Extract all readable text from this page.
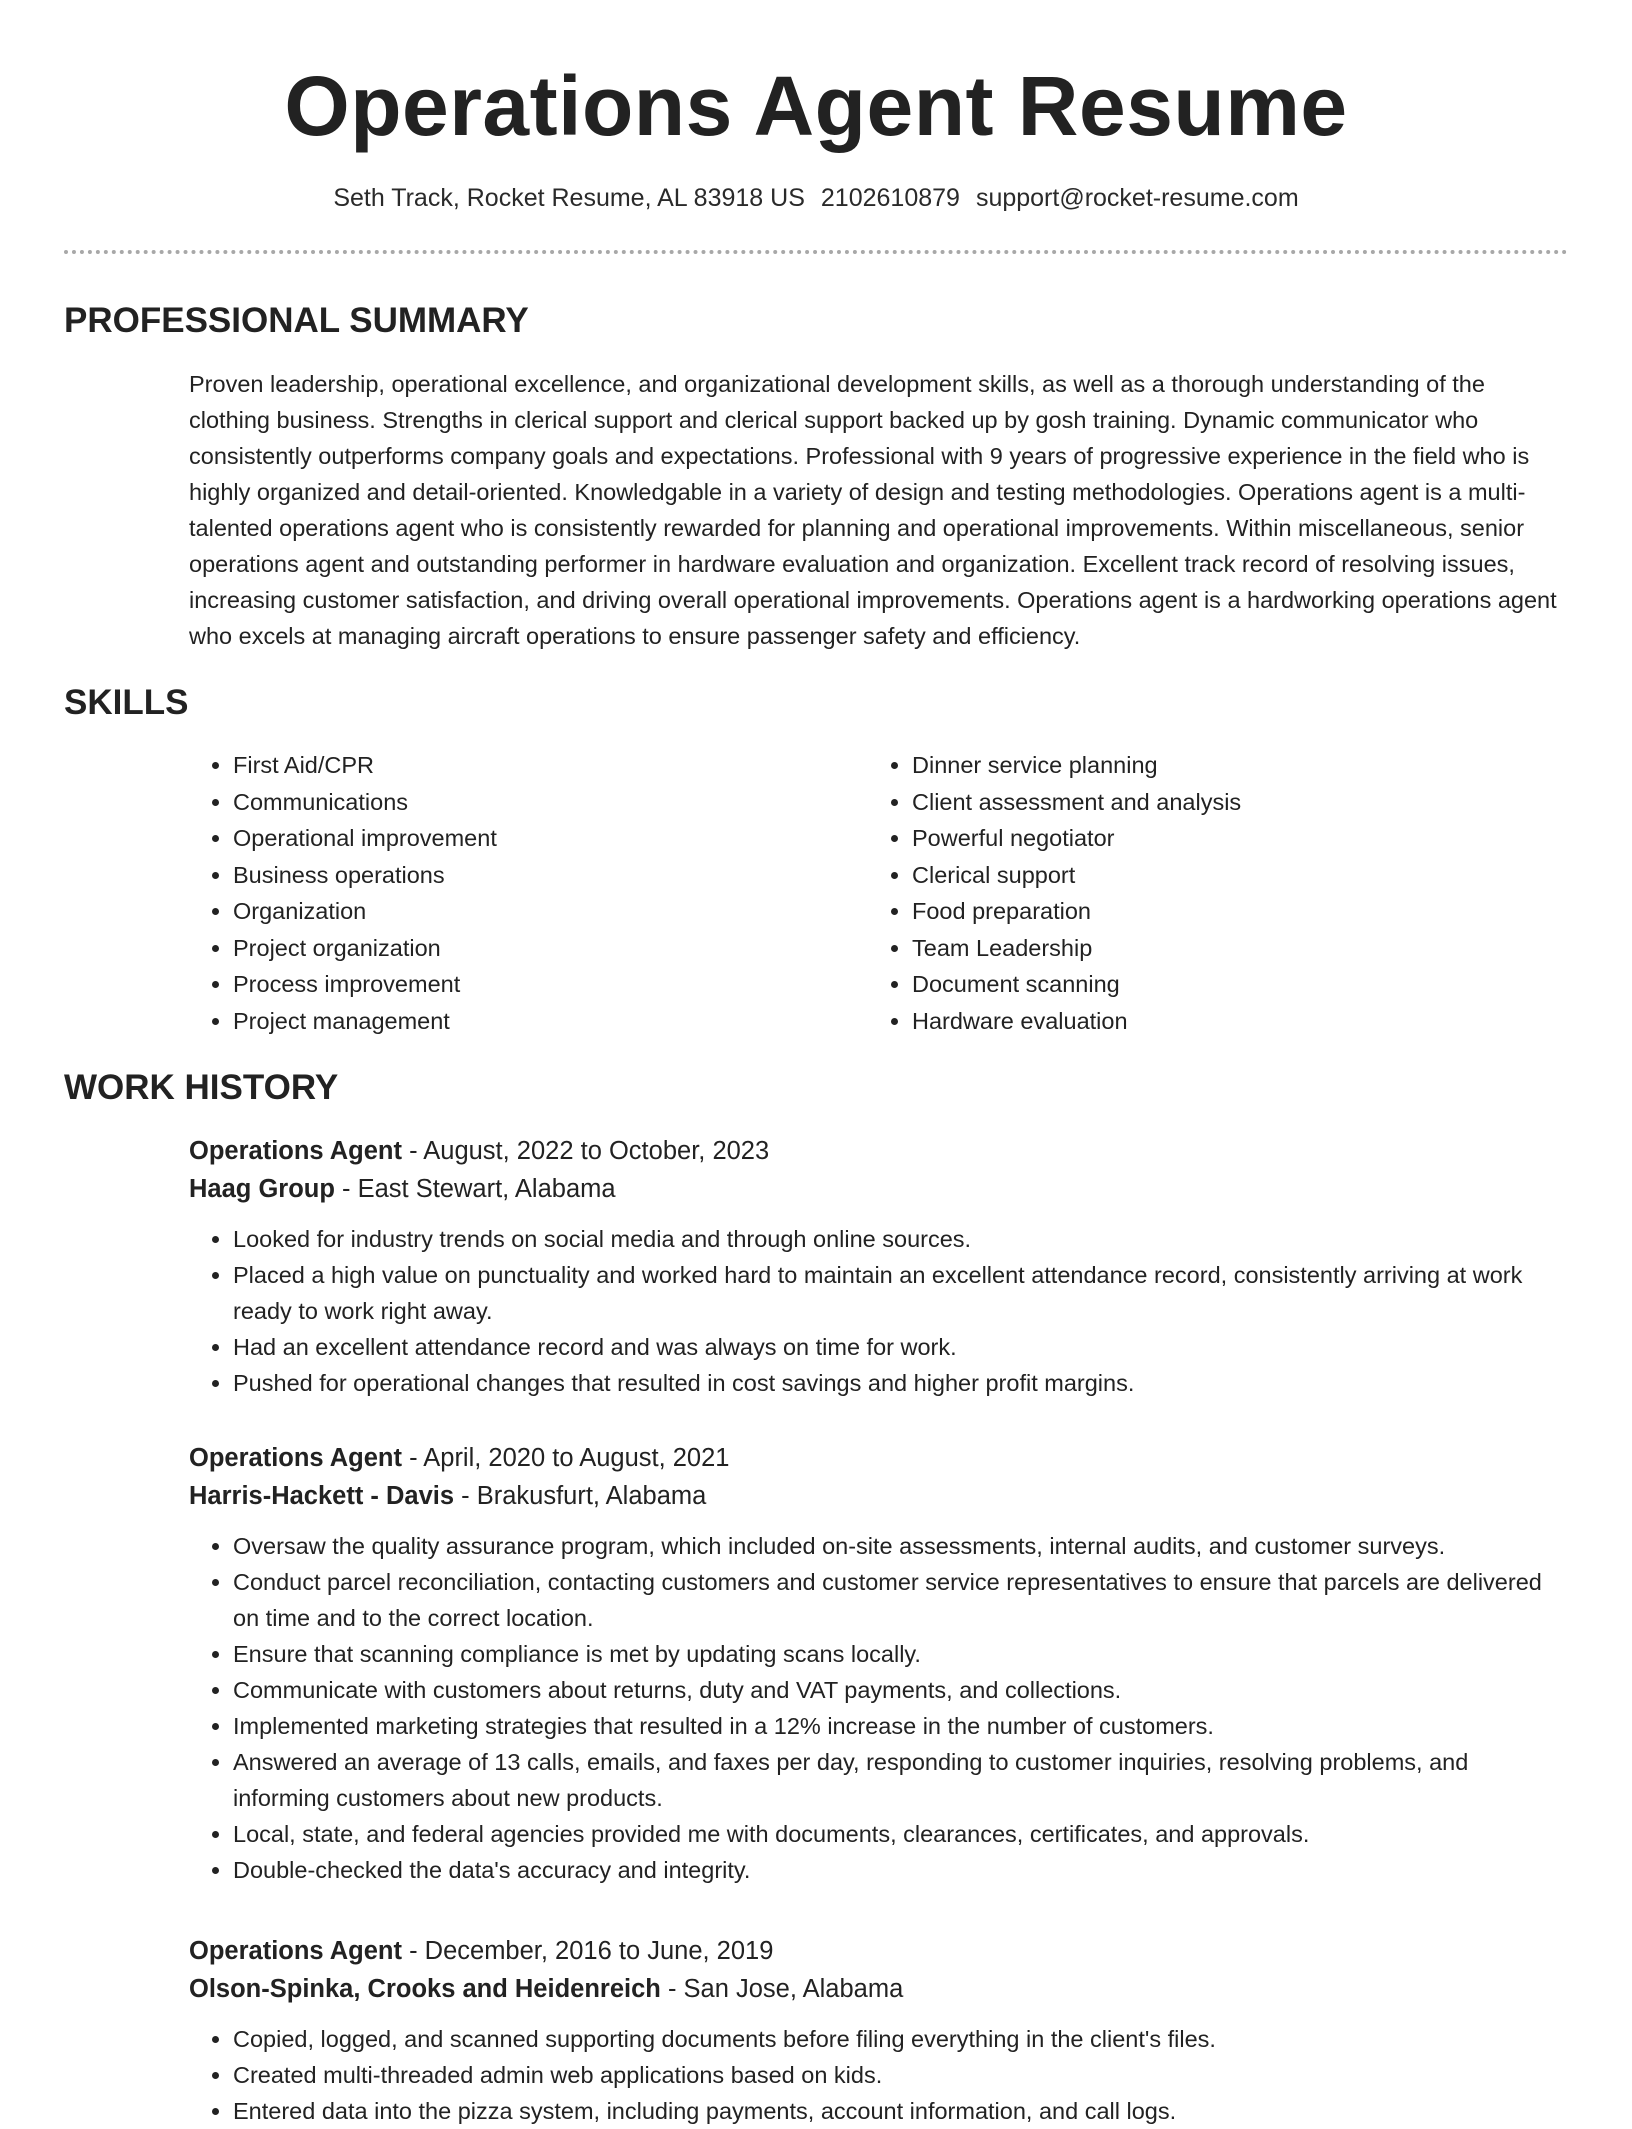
Operations Agent Resume
Seth Track, Rocket Resume, AL 83918 US 2102610879 support@rocket-resume.com
PROFESSIONAL SUMMARY

Proven leadership, operational excellence, and organizational development skills, as well as a thorough understanding of the clothing business. Strengths in clerical support and clerical support backed up by gosh training. Dynamic communicator who consistently outperforms company goals and expectations. Professional with 9 years of progressive experience in the field who is highly organized and detail-oriented. Knowledgable in a variety of design and testing methodologies. Operations agent is a multi-talented operations agent who is consistently rewarded for planning and operational improvements. Within miscellaneous, senior operations agent and outstanding performer in hardware evaluation and organization. Excellent track record of resolving issues, increasing customer satisfaction, and driving overall operational improvements. Operations agent is a hardworking operations agent who excels at managing aircraft operations to ensure passenger safety and efficiency.

SKILLS
• First Aid/CPR
• Communications
• Operational improvement
• Business operations
• Organization
• Project organization
• Process improvement
• Project management
• Dinner service planning
• Client assessment and analysis
• Powerful negotiator
• Clerical support
• Food preparation
• Team Leadership
• Document scanning
• Hardware evaluation
WORK HISTORY
Operations Agent - August, 2022 to October, 2023
Haag Group - East Stewart, Alabama
• Looked for industry trends on social media and through online sources.
• Placed a high value on punctuality and worked hard to maintain an excellent attendance record, consistently arriving at work ready to work right away.
• Had an excellent attendance record and was always on time for work.
• Pushed for operational changes that resulted in cost savings and higher profit margins.
Operations Agent - April, 2020 to August, 2021
Harris-Hackett - Davis - Brakusfurt, Alabama
• Oversaw the quality assurance program, which included on-site assessments, internal audits, and customer surveys.
• Conduct parcel reconciliation, contacting customers and customer service representatives to ensure that parcels are delivered on time and to the correct location.
• Ensure that scanning compliance is met by updating scans locally.
• Communicate with customers about returns, duty and VAT payments, and collections.
• Implemented marketing strategies that resulted in a 12% increase in the number of customers.
• Answered an average of 13 calls, emails, and faxes per day, responding to customer inquiries, resolving problems, and informing customers about new products.
• Local, state, and federal agencies provided me with documents, clearances, certificates, and approvals.
• Double-checked the data's accuracy and integrity.
Operations Agent - December, 2016 to June, 2019
Olson-Spinka, Crooks and Heidenreich - San Jose, Alabama
• Copied, logged, and scanned supporting documents before filing everything in the client's files.
• Created multi-threaded admin web applications based on kids.
• Entered data into the pizza system, including payments, account information, and call logs.
